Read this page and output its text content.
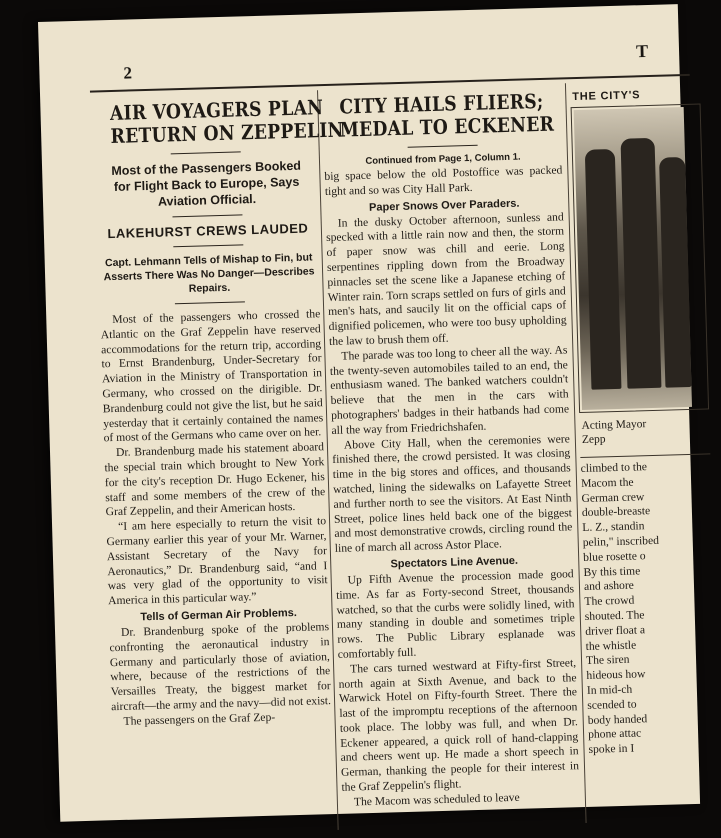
2
T
AIR VOYAGERS PLAN
RETURN ON ZEPPELIN
Most of the Passengers Booked for Flight Back to Europe, Says Aviation Official.
LAKEHURST CREWS LAUDED
Capt. Lehmann Tells of Mishap to Fin, but Asserts There Was No Danger—Describes Repairs.

Most of the passengers who crossed the Atlantic on the Graf Zeppelin have reserved accommodations for the return trip, according to Ernst Brandenburg, Under-Secretary for Aviation in the Ministry of Transportation in Germany, who crossed on the dirigible. Dr. Brandenburg could not give the list, but he said yesterday that it certainly contained the names of most of the Germans who came over on her.

Dr. Brandenburg made his statement aboard the special train which brought to New York for the city's reception Dr. Hugo Eckener, his staff and some members of the crew of the Graf Zeppelin, and their American hosts.

“I am here especially to return the visit to Germany earlier this year of your Mr. Warner, Assistant Secretary of the Navy for Aeronautics,” Dr. Brandenburg said, “and I was very glad of the opportunity to visit America in this particular way.”

Tells of German Air Problems.

Dr. Brandenburg spoke of the problems confronting the aeronautical industry in Germany and particularly those of aviation, where, because of the restrictions of the Versailles Treaty, the biggest market for aircraft—the army and the navy—did not exist.

The passengers on the Graf Zep-

CITY HAILS FLIERS;
MEDAL TO ECKENER
Continued from Page 1, Column 1.

big space below the old Postoffice was packed tight and so was City Hall Park.

Paper Snows Over Paraders.

In the dusky October afternoon, sunless and specked with a little rain now and then, the storm of paper snow was chill and eerie. Long serpentines rippling down from the Broadway pinnacles set the scene like a Japanese etching of Winter rain. Torn scraps settled on furs of girls and men's hats, and saucily lit on the official caps of dignified policemen, who were too busy upholding the law to brush them off.

The parade was too long to cheer all the way. As the twenty-seven automobiles tailed to an end, the enthusiasm waned. The banked watchers couldn't believe that the men in the cars with photographers' badges in their hatbands had come all the way from Friedrichshafen.

Above City Hall, when the ceremonies were finished there, the crowd persisted. It was closing time in the big stores and offices, and thousands watched, lining the sidewalks on Lafayette Street and further north to see the visitors. At East Ninth Street, police lines held back one of the biggest and most demonstrative crowds, circling round the line of march all across Astor Place.

Spectators Line Avenue.

Up Fifth Avenue the procession made good time. As far as Forty-second Street, thousands watched, so that the curbs were solidly lined, with many standing in double and sometimes triple rows. The Public Library esplanade was comfortably full.

The cars turned westward at Fifty-first Street, north again at Sixth Avenue, and back to the Warwick Hotel on Fifty-fourth Street. There the last of the impromptu receptions of the afternoon took place. The lobby was full, and when Dr. Eckener appeared, a quick roll of hand-clapping and cheers went up. He made a short speech in German, thanking the people for their interest in the Graf Zeppelin's flight.

The Macom was scheduled to leave

THE CITY'S
Acting Mayor
Zepp

climbed to the

Macom the

German crew

double-breaste

L. Z., standin

pelin," inscribed

blue rosette o

By this time

and ashore

The crowd

shouted. The

driver float a

the whistle

The siren

hideous how

In mid-ch

scended to

body handed

phone attac

spoke in I
